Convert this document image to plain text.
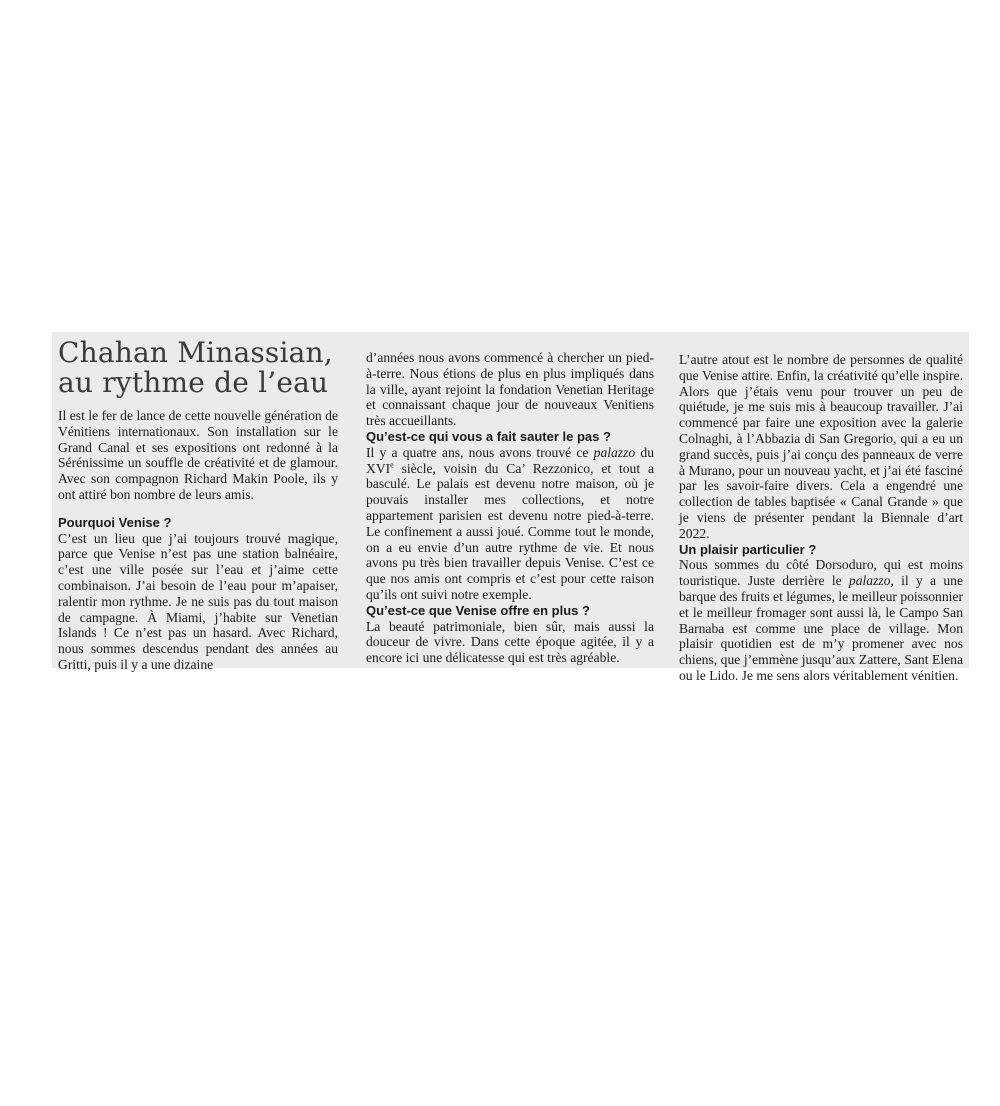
Chahan Minassian,
au rythme de l’eau

Il est le fer de lance de cette nouvelle génération de Vénitiens internationaux. Son installation sur le Grand Canal et ses expositions ont redonné à la Sérénissime un souffle de créativité et de glamour. Avec son compagnon Richard Makin Poole, ils y ont attiré bon nombre de leurs amis.

Pourquoi Venise ?

C’est un lieu que j’ai toujours trouvé magique, parce que Venise n’est pas une station balnéaire, c’est une ville posée sur l’eau et j’aime cette combinaison. J’ai besoin de l’eau pour m’apaiser, ralentir mon rythme. Je ne suis pas du tout maison de campagne. À Miami, j’habite sur Venetian Islands ! Ce n’est pas un hasard. Avec Richard, nous sommes descendus pendant des années au Gritti, puis il y a une dizaine

d’années nous avons commencé à chercher un pied-à-terre. Nous étions de plus en plus impliqués dans la ville, ayant rejoint la fondation Venetian Heritage et connaissant chaque jour de nouveaux Venitiens très accueillants.

Qu’est-ce qui vous a fait sauter le pas ?

Il y a quatre ans, nous avons trouvé ce palazzo du XVIe siècle, voisin du Ca’ Rezzonico, et tout a basculé. Le palais est devenu notre maison, où je pouvais installer mes collections, et notre appartement parisien est devenu notre pied-à-terre. Le confinement a aussi joué. Comme tout le monde, on a eu envie d’un autre rythme de vie. Et nous avons pu très bien travailler depuis Venise. C’est ce que nos amis ont compris et c’est pour cette raison qu’ils ont suivi notre exemple.

Qu’est-ce que Venise offre en plus ?

La beauté patrimoniale, bien sûr, mais aussi la douceur de vivre. Dans cette époque agitée, il y a encore ici une délicatesse qui est très agréable.

L’autre atout est le nombre de personnes de qualité que Venise attire. Enfin, la créativité qu’elle inspire. Alors que j’étais venu pour trouver un peu de quiétude, je me suis mis à beaucoup travailler. J’ai commencé par faire une exposition avec la galerie Colnaghi, à l’Abbazia di San Gregorio, qui a eu un grand succès, puis j’ai conçu des panneaux de verre à Murano, pour un nouveau yacht, et j’ai été fasciné par les savoir-faire divers. Cela a engendré une collection de tables baptisée « Canal Grande » que je viens de présenter pendant la Biennale d’art 2022.

Un plaisir particulier ?

Nous sommes du côté Dorsoduro, qui est moins touristique. Juste derrière le palazzo, il y a une barque des fruits et légumes, le meilleur poissonnier et le meilleur fromager sont aussi là, le Campo San Barnaba est comme une place de village. Mon plaisir quotidien est de m’y promener avec nos chiens, que j’emmène jusqu’aux Zattere, Sant Elena ou le Lido. Je me sens alors véritablement vénitien.
